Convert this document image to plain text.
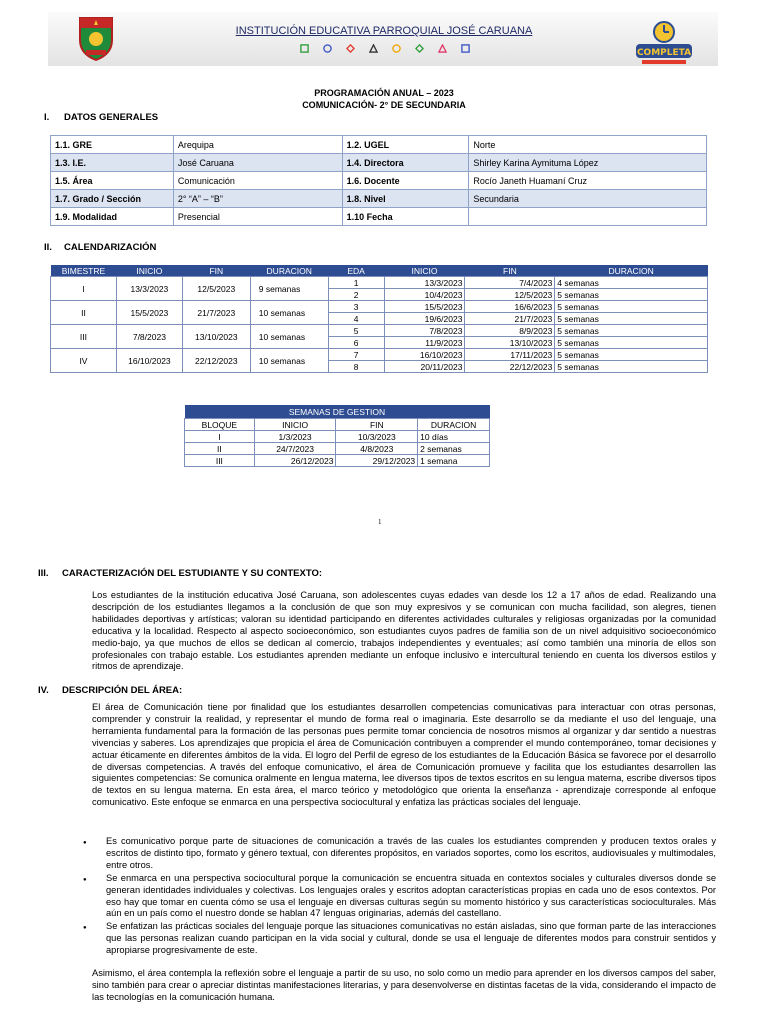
INSTITUCIÓN EDUCATIVA PARROQUIAL JOSÉ CARUANA
COMPLETA
PROGRAMACIÓN ANUAL – 2023
COMUNICACIÓN- 2° DE SECUNDARIA
I. DATOS GENERALES
1.1. GRE	Arequipa	1.2. UGEL	Norte
1.3. I.E.	José Caruana	1.4. Directora	Shirley Karina Aymituma López
1.5. Área	Comunicación	1.6. Docente	Rocío Janeth Huamaní Cruz
1.7. Grado / Sección	2° “A” – “B”	1.8. Nivel	Secundaria
1.9. Modalidad	Presencial	1.10 Fecha	
II. CALENDARIZACIÓN
BIMESTRE	INICIO	FIN	DURACION	EDA	INICIO	FIN	DURACION
I	13/3/2023	12/5/2023	9 semanas	1	13/3/2023	7/4/2023	4 semanas
				2	10/4/2023	12/5/2023	5 semanas
II	15/5/2023	21/7/2023	10 semanas	3	15/5/2023	16/6/2023	5 semanas
				4	19/6/2023	21/7/2023	5 semanas
III	7/8/2023	13/10/2023	10 semanas	5	7/8/2023	8/9/2023	5 semanas
				6	11/9/2023	13/10/2023	5 semanas
IV	16/10/2023	22/12/2023	10 semanas	7	16/10/2023	17/11/2023	5 semanas
				8	20/11/2023	22/12/2023	5 semanas
SEMANAS DE GESTION			
BLOQUE	INICIO	FIN	DURACION
I	1/3/2023	10/3/2023	10 días
II	24/7/2023	4/8/2023	2 semanas
III	26/12/2023	29/12/2023	1 semana
1
III. CARACTERIZACIÓN DEL ESTUDIANTE Y SU CONTEXTO:
Los estudiantes de la institución educativa José Caruana, son adolescentes cuyas edades van desde los 12 a 17 años de edad. Realizando una descripción de los estudiantes llegamos a la conclusión de que son muy expresivos y se comunican con mucha facilidad, son alegres, tienen habilidades deportivas y artísticas; valoran su identidad participando en diferentes actividades culturales y religiosas organizadas por la comunidad educativa y la localidad. Respecto al aspecto socioeconómico, son estudiantes cuyos padres de familia son de un nivel adquisitivo socioeconómico medio-bajo, ya que muchos de ellos se dedican al comercio, trabajos independientes y eventuales; así como también una minoría de ellos son profesionales con trabajo estable. Los estudiantes aprenden mediante un enfoque inclusivo e intercultural teniendo en cuenta los diversos estilos y ritmos de aprendizaje.
IV. DESCRIPCIÓN DEL ÁREA:
El área de Comunicación tiene por finalidad que los estudiantes desarrollen competencias comunicativas para interactuar con otras personas, comprender y construir la realidad, y representar el mundo de forma real o imaginaria. Este desarrollo se da mediante el uso del lenguaje, una herramienta fundamental para la formación de las personas pues permite tomar conciencia de nosotros mismos al organizar y dar sentido a nuestras vivencias y saberes. Los aprendizajes que propicia el área de Comunicación contribuyen a comprender el mundo contemporáneo, tomar decisiones y actuar éticamente en diferentes ámbitos de la vida. El logro del Perfil de egreso de los estudiantes de la Educación Básica se favorece por el desarrollo de diversas competencias. A través del enfoque comunicativo, el área de Comunicación promueve y facilita que los estudiantes desarrollen las siguientes competencias: Se comunica oralmente en lengua materna, lee diversos tipos de textos escritos en su lengua materna, escribe diversos tipos de textos en su lengua materna. En esta área, el marco teórico y metodológico que orienta la enseñanza - aprendizaje corresponde al enfoque comunicativo. Este enfoque se enmarca en una perspectiva sociocultural y enfatiza las prácticas sociales del lenguaje.
● Es comunicativo porque parte de situaciones de comunicación a través de las cuales los estudiantes comprenden y producen textos orales y escritos de distinto tipo, formato y género textual, con diferentes propósitos, en variados soportes, como los escritos, audiovisuales y multimodales, entre otros.
● Se enmarca en una perspectiva sociocultural porque la comunicación se encuentra situada en contextos sociales y culturales diversos donde se generan identidades individuales y colectivas. Los lenguajes orales y escritos adoptan características propias en cada uno de esos contextos. Por eso hay que tomar en cuenta cómo se usa el lenguaje en diversas culturas según su momento histórico y sus características socioculturales. Más aún en un país como el nuestro donde se hablan 47 lenguas originarias, además del castellano.
● Se enfatizan las prácticas sociales del lenguaje porque las situaciones comunicativas no están aisladas, sino que forman parte de las interacciones que las personas realizan cuando participan en la vida social y cultural, donde se usa el lenguaje de diferentes modos para construir sentidos y apropiarse progresivamente de este.
Asimismo, el área contempla la reflexión sobre el lenguaje a partir de su uso, no solo como un medio para aprender en los diversos campos del saber, sino también para crear o apreciar distintas manifestaciones literarias, y para desenvolverse en distintas facetas de la vida, considerando el impacto de las tecnologías en la comunicación humana.
